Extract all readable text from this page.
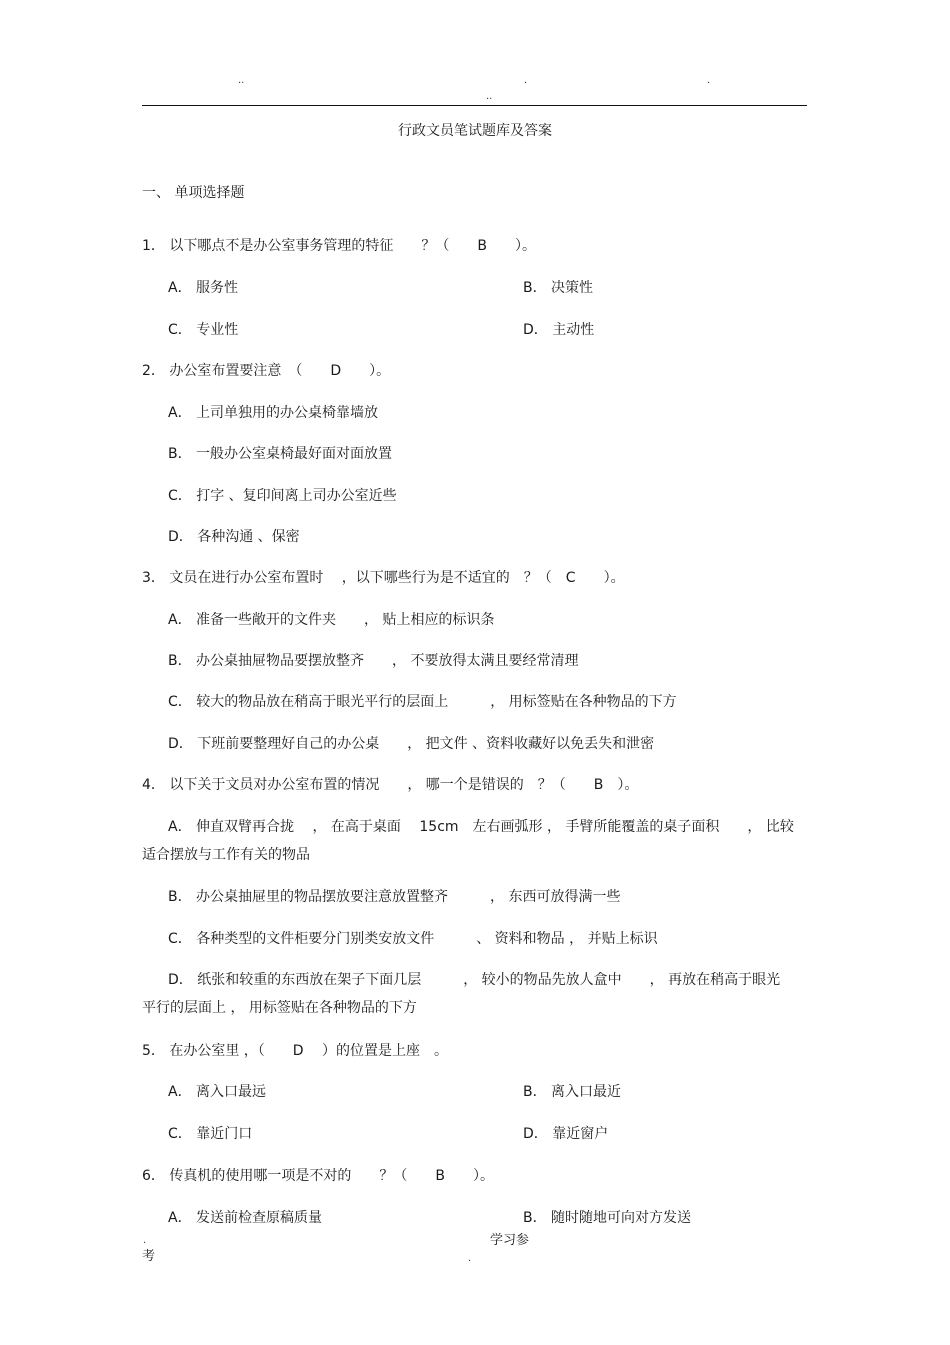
..	.	.
..
行政文员笔试题库及答案
一、 单项选择题
1． 以下哪点不是办公室事务管理的特征　　？（　　B　　）。
A． 服务性	B． 决策性
C． 专业性	D． 主动性
2． 办公室布置要注意　（　　D　　）。
A． 上司单独用的办公桌椅靠墙放
B． 一般办公室桌椅最好面对面放置
C． 打字 、复印间离上司办公室近些
D． 各种沟通 、保密
3． 文员在进行办公室布置时　 ，以下哪些行为是不适宜的　？（　C　　）。
A． 准备一些敞开的文件夹　　， 贴上相应的标识条
B． 办公桌抽屉物品要摆放整齐　　， 不要放得太满且要经常清理
C． 较大的物品放在稍高于眼光平行的层面上　　　， 用标签贴在各种物品的下方
D． 下班前要整理好自己的办公桌　　， 把文件 、资料收藏好以免丢失和泄密
4． 以下关于文员对办公室布置的情况　　， 哪一个是错误的　？（　　B　）。
A． 伸直双臂再合拢　 ， 在高于桌面　 15cm　左右画弧形 ， 手臂所能覆盖的桌子面积　　， 比较
适合摆放与工作有关的物品
B． 办公桌抽屉里的物品摆放要注意放置整齐　　　， 东西可放得满一些
C． 各种类型的文件柜要分门别类安放文件　　　、 资料和物品 ， 并贴上标识
D． 纸张和较重的东西放在架子下面几层　　　， 较小的物品先放人盒中　　， 再放在稍高于眼光
平行的层面上 ， 用标签贴在各种物品的下方
5． 在办公室里 ，（　　D　 ）的位置是上座　。
A． 离入口最远	B． 离入口最近
C． 靠近门口	D． 靠近窗户
6． 传真机的使用哪一项是不对的　　？（　　B　　）。
A． 发送前检查原稿质量	B． 随时随地可向对方发送
.
考
学习参
.
